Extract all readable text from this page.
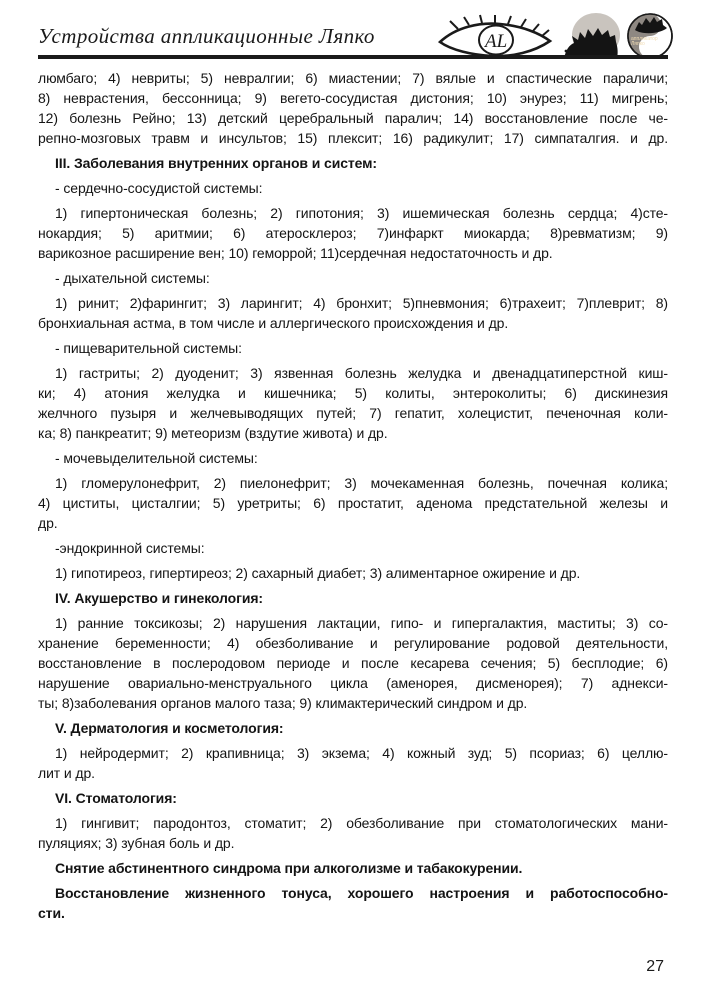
Устройства аппликационные Ляпко	AL	аппликатор Ляпко
люмбаго; 4) невриты; 5) невралгии; 6) миастении; 7) вялые и спастические параличи;
8) неврастения, бессонница; 9) вегето-сосудистая дистония; 10) энурез; 11) мигрень;
12) болезнь Рейно; 13) детский церебральный паралич; 14) восстановление после че-
репно-мозговых травм и инсультов; 15) плексит; 16) радикулит; 17) симпаталгия. и др.
III. Заболевания внутренних органов и систем:
- сердечно-сосудистой системы:
1) гипертоническая болезнь; 2) гипотония; 3) ишемическая болезнь сердца; 4)сте-
нокардия; 5) аритмии; 6) атеросклероз; 7)инфаркт миокарда; 8)ревматизм; 9)
варикозное расширение вен; 10) геморрой; 11)сердечная недостаточность и др.
- дыхательной системы:
1) ринит; 2)фарингит; 3) ларингит; 4) бронхит; 5)пневмония; 6)трахеит; 7)плеврит; 8)
бронхиальная астма, в том числе и аллергического происхождения и др.
- пищеварительной системы:
1) гастриты; 2) дуоденит; 3) язвенная болезнь желудка и двенадцатиперстной киш-
ки; 4) атония желудка и кишечника; 5) колиты, энтероколиты; 6) дискинезия
желчного пузыря и желчевыводящих путей; 7) гепатит, холецистит, печеночная коли-
ка; 8) панкреатит; 9) метеоризм (вздутие живота) и др.
- мочевыделительной системы:
1) гломерулонефрит, 2) пиелонефрит; 3) мочекаменная болезнь, почечная колика;
4) циститы, цисталгии; 5) уретриты; 6) простатит, аденома предстательной железы и
др.
-эндокринной системы:
1) гипотиреоз, гипертиреоз; 2) сахарный диабет; 3) алиментарное ожирение и др.
IV. Акушерство и гинекология:
1) ранние токсикозы; 2) нарушения лактации, гипо- и гипергалактия, маститы; 3) со-
хранение беременности; 4) обезболивание и регулирование родовой деятельности,
восстановление в послеродовом периоде и после кесарева сечения; 5) бесплодие; 6)
нарушение овариально-менструального цикла (аменорея, дисменорея); 7) аднекси-
ты; 8)заболевания органов малого таза; 9) климактерический синдром и др.
V. Дерматология и косметология:
1) нейродермит; 2) крапивница; 3) экзема; 4) кожный зуд; 5) псориаз; 6) целлю-
лит и др.
VI. Стоматология:
1) гингивит; пародонтоз, стоматит; 2) обезболивание при стоматологических мани-
пуляциях; 3) зубная боль и др.
Снятие абстинентного синдрома при алкоголизме и табакокурении.
Восстановление жизненного тонуса, хорошего настроения и работоспособно-
сти.
27
